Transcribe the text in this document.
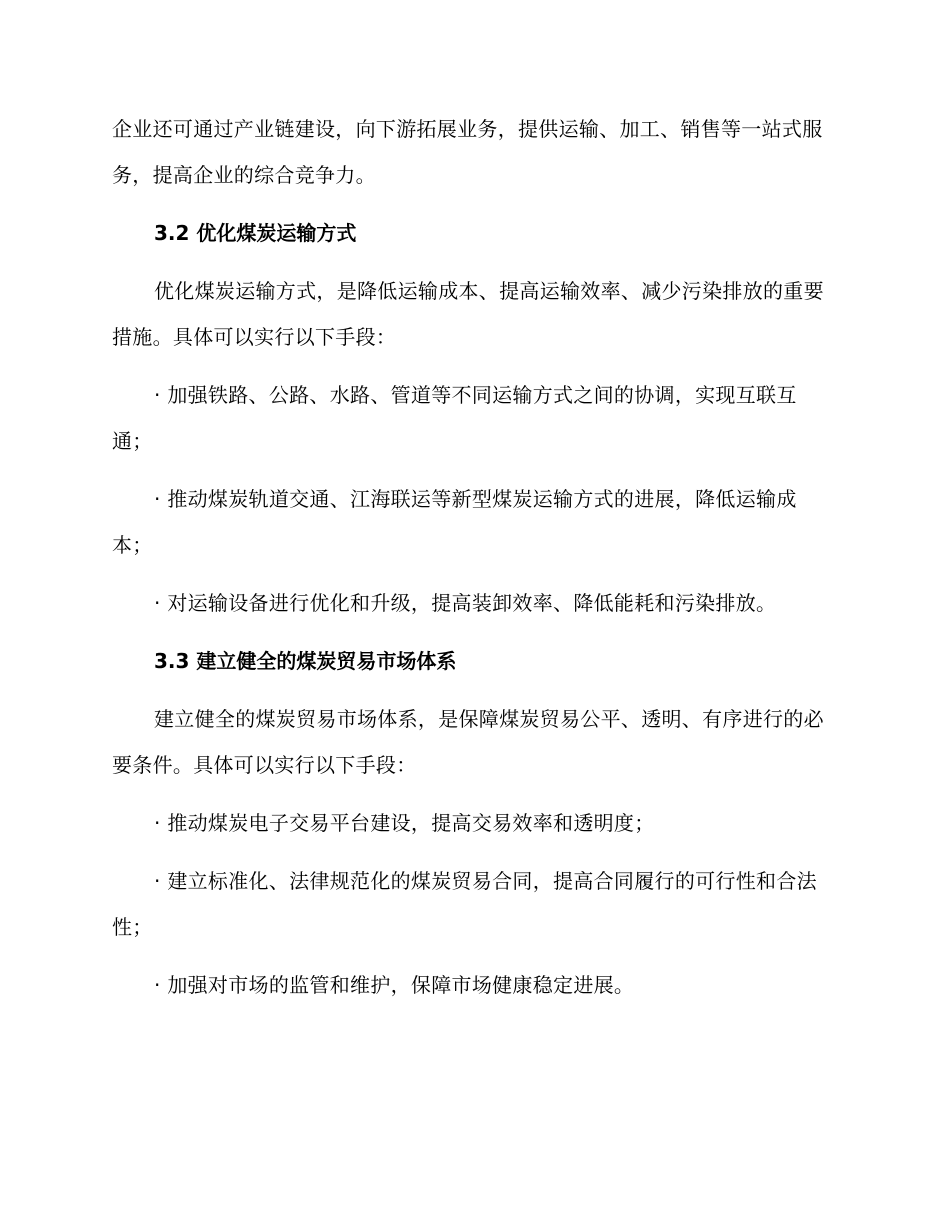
企业还可通过产业链建设，向下游拓展业务，提供运输、加工、销售等一站式服务，提高企业的综合竞争力。

3.2 优化煤炭运输方式

优化煤炭运输方式，是降低运输成本、提高运输效率、减少污染排放的重要措施。具体可以实行以下手段：

· 加强铁路、公路、水路、管道等不同运输方式之间的协调，实现互联互通；

· 推动煤炭轨道交通、江海联运等新型煤炭运输方式的进展，降低运输成本；

· 对运输设备进行优化和升级，提高装卸效率、降低能耗和污染排放。

3.3 建立健全的煤炭贸易市场体系

建立健全的煤炭贸易市场体系，是保障煤炭贸易公平、透明、有序进行的必要条件。具体可以实行以下手段：

· 推动煤炭电子交易平台建设，提高交易效率和透明度；

· 建立标准化、法律规范化的煤炭贸易合同，提高合同履行的可行性和合法性；

· 加强对市场的监管和维护，保障市场健康稳定进展。
